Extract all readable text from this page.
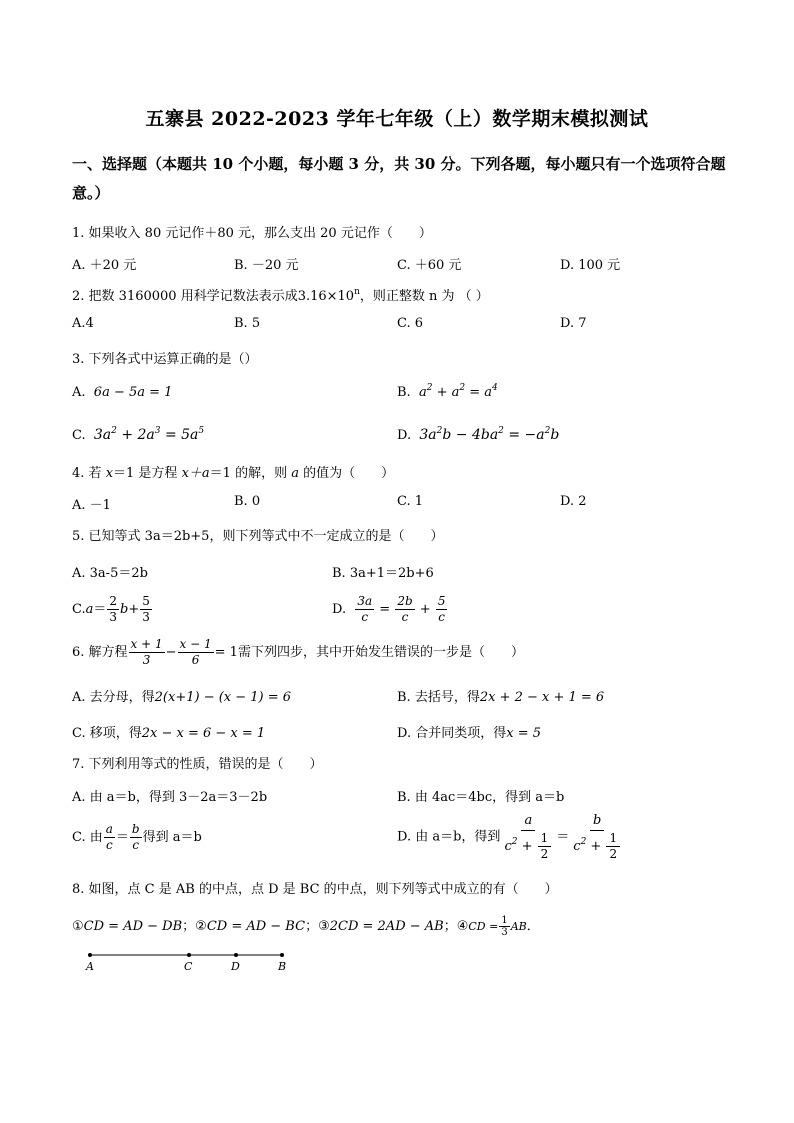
五寨县 2022-2023 学年七年级（上）数学期末模拟测试
一、选择题（本题共 10 个小题，每小题 3 分，共 30 分。下列各题，每小题只有一个选项符合题意。）
1. 如果收入 80 元记作＋80 元，那么支出 20 元记作（　　）
A. ＋20 元	B. －20 元	C. ＋60 元	D. 100 元
2. 把数 3160000 用科学记数法表示成$3.16\times 10^n$，则正整数 n 为 （ ）
A.4	B. 5	C. 6	D. 7
3. 下列各式中运算正确的是（）
A. 6a − 5a = 1	B. $a^2 + a^2 = a^4$
C. $3a^2 + 2a^3 = 5a^5$	D. $3a^2b - 4ba^2 = -a^2b$
4. 若 x＝1 是方程 x＋a＝1 的解，则 a 的值为（　　）
A. －1	B. 0	C. 1	D. 2
5. 已知等式 3a＝2b+5，则下列等式中不一定成立的是（　　）
A. 3a-5＝2b	B. 3a+1＝2b+6
$C.a= \frac{2}{3} b+ \frac{5}{3}$	D. $\frac{3a}{c} = \frac{2b}{c} + \frac{5}{c}$
6. 解方程 $\frac{x + 1}{3} - \frac{x - 1}{6} = 1$需下列四步，其中开始发生错误的一步是（　　）
A. 去分母，得2(x+1) − (x − 1) = 6	B. 去括号，得2x + 2 − x + 1 = 6
C. 移项，得2x − x = 6 − x = 1	D. 合并同类项，得x = 5
7. 下列利用等式的性质，错误的是（　　）
A. 由 a＝b，得到 3－2a＝3－2b	B. 由 4ac＝4bc，得到 a＝b
C. 由 $\frac{a}{c} = \frac{b}{c}$ 得到 a＝b	D. 由 a＝b，得到 $\frac{a}{c^2 + \frac{1}{2}} = \frac{b}{c^2 + \frac{1}{2}}$
8. 如图，点 C 是 AB 的中点，点 D 是 BC 的中点，则下列等式中成立的有（　　）
①CD = AD − DB；②CD = AD − BC；③2CD = 2AD − AB；④CD = $\frac{1}{3}$ AB．
A	C	D	B
